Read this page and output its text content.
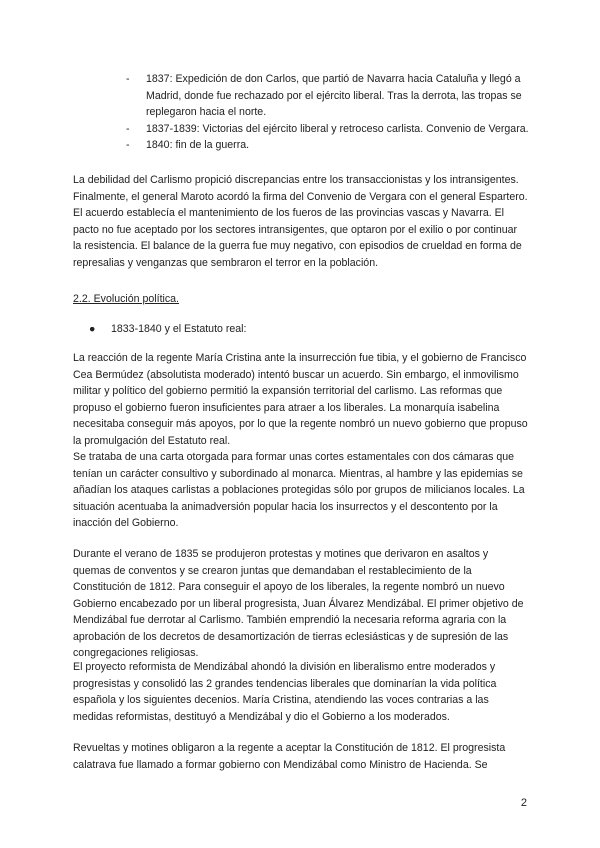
- 1837: Expedición de don Carlos, que partió de Navarra hacia Cataluña y llegó a Madrid, donde fue rechazado por el ejército liberal. Tras la derrota, las tropas se replegaron hacia el norte.
- 1837-1839: Victorias del ejército liberal y retroceso carlista. Convenio de Vergara.
- 1840: fin de la guerra.
La debilidad del Carlismo propició discrepancias entre los transaccionistas y los intransigentes. Finalmente, el general Maroto acordó la firma del Convenio de Vergara con el general Espartero. El acuerdo establecía el mantenimiento de los fueros de las provincias vascas y Navarra. El pacto no fue aceptado por los sectores intransigentes, que optaron por el exilio o por continuar la resistencia. El balance de la guerra fue muy negativo, con episodios de crueldad en forma de represalias y venganzas que sembraron el terror en la población.
2.2. Evolución política.
● 1833-1840 y el Estatuto real:
La reacción de la regente María Cristina ante la insurrección fue tibia, y el gobierno de Francisco Cea Bermúdez (absolutista moderado) intentó buscar un acuerdo. Sin embargo, el inmovilismo militar y político del gobierno permitió la expansión territorial del carlismo. Las reformas que propuso el gobierno fueron insuficientes para atraer a los liberales. La monarquía isabelina necesitaba conseguir más apoyos, por lo que la regente nombró un nuevo gobierno que propuso la promulgación del Estatuto real.
Se trataba de una carta otorgada para formar unas cortes estamentales con dos cámaras que tenían un carácter consultivo y subordinado al monarca. Mientras, al hambre y las epidemias se añadían los ataques carlistas a poblaciones protegidas sólo por grupos de milicianos locales. La situación acentuaba la animadversión popular hacia los insurrectos y el descontento por la inacción del Gobierno.
Durante el verano de 1835 se produjeron protestas y motines que derivaron en asaltos y quemas de conventos y se crearon juntas que demandaban el restablecimiento de la Constitución de 1812. Para conseguir el apoyo de los liberales, la regente nombró un nuevo Gobierno encabezado por un liberal progresista, Juan Álvarez Mendizábal. El primer objetivo de Mendizábal fue derrotar al Carlismo. También emprendió la necesaria reforma agraria con la aprobación de los decretos de desamortización de tierras eclesiásticas y de supresión de las congregaciones religiosas.
El proyecto reformista de Mendizábal ahondó la división en liberalismo entre moderados y progresistas y consolidó las 2 grandes tendencias liberales que dominarían la vida política española y los siguientes decenios. María Cristina, atendiendo las voces contrarias a las medidas reformistas, destituyó a Mendizábal y dio el Gobierno a los moderados.
Revueltas y motines obligaron a la regente a aceptar la Constitución de 1812. El progresista calatrava fue llamado a formar gobierno con Mendizábal como Ministro de Hacienda. Se
2
